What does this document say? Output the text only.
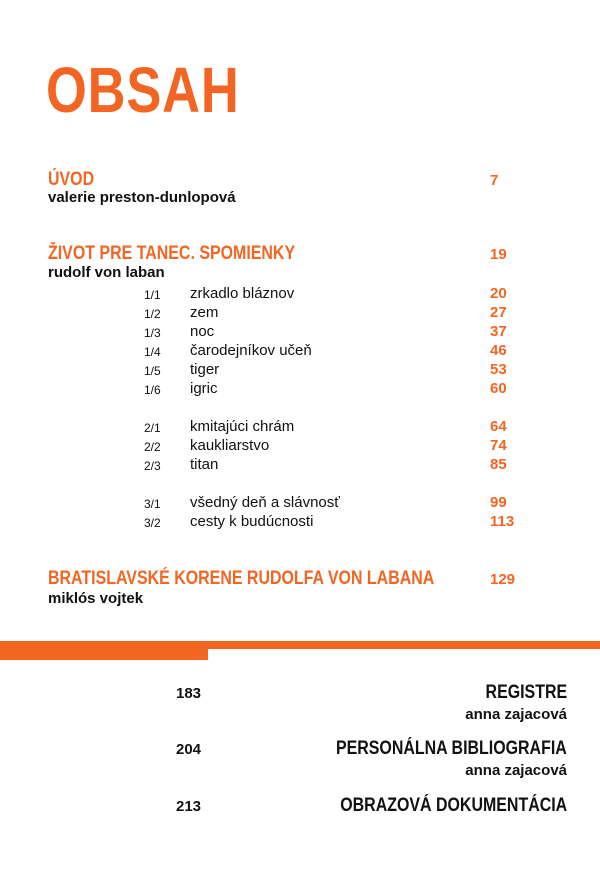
OBSAH
ÚVOD	7
valerie preston-dunlopová
ŽIVOT PRE TANEC. SPOMIENKY	19
rudolf von laban
1/1 zrkadlo bláznov	20
1/2 zem	27
1/3 noc	37
1/4 čarodejníkov učeň	46
1/5 tiger	53
1/6 igric	60
2/1 kmitajúci chrám	64
2/2 kaukliarstvo	74
2/3 titan	85
3/1 všedný deň a slávnosť	99
3/2 cesty k budúcnosti	113
BRATISLAVSKÉ KORENE RUDOLFA VON LABANA	129
miklós vojtek
183	REGISTRE
anna zajacová
204	PERSONÁLNA BIBLIOGRAFIA
anna zajacová
213	OBRAZOVÁ DOKUMENTÁCIA
